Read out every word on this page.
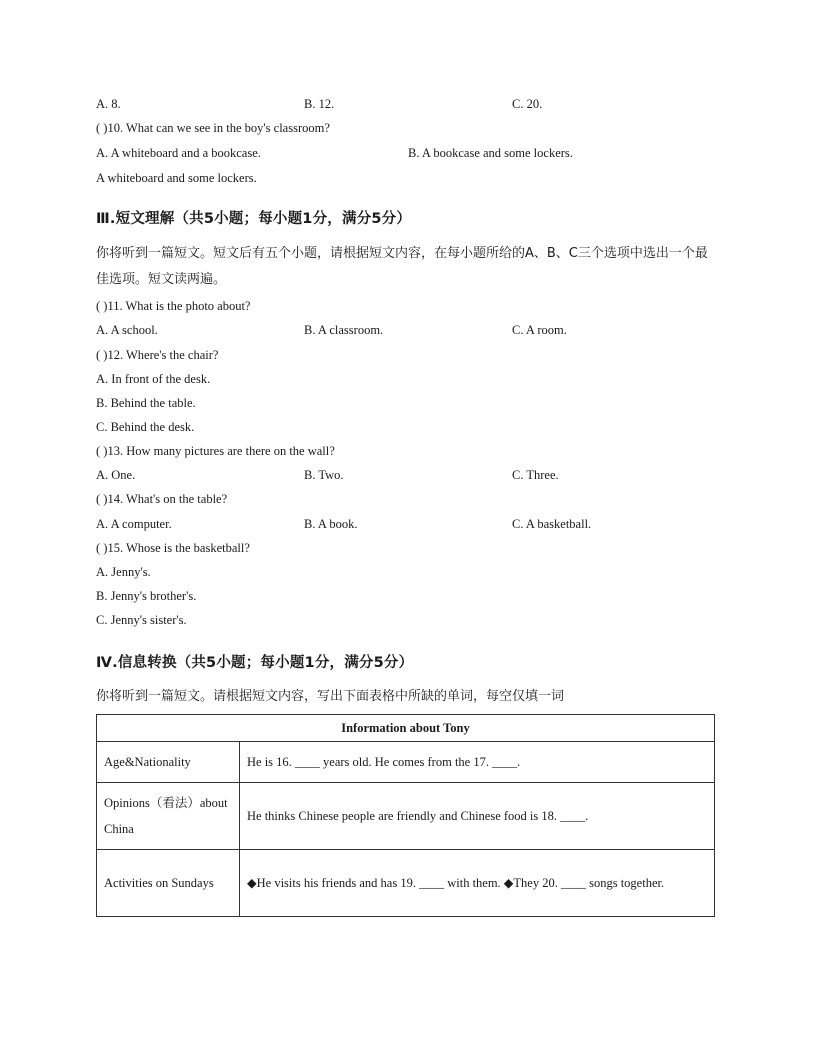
A. 8.	B. 12.	C. 20.
( )10. What can we see in the boy's classroom?
A. A whiteboard and a bookcase.	B. A bookcase and some lockers.
A whiteboard and some lockers.
Ⅲ.短文理解（共5小题；每小题1分，满分5分）
你将听到一篇短文。短文后有五个小题，请根据短文内容，在每小题所给的A、B、C三个选项中选出一个最佳选项。短文读两遍。
( )11. What is the photo about?
A. A school.	B. A classroom.	C. A room.
( )12. Where's the chair?
A. In front of the desk.
B. Behind the table.
C. Behind the desk.
( )13. How many pictures are there on the wall?
A. One.	B. Two.	C. Three.
( )14. What's on the table?
A. A computer.	B. A book.	C. A basketball.
( )15. Whose is the basketball?
A. Jenny's.
B. Jenny's brother's.
C. Jenny's sister's.
Ⅳ.信息转换（共5小题；每小题1分，满分5分）
你将听到一篇短文。请根据短文内容，写出下面表格中所缺的单词，每空仅填一词
Information about Tony	
Age&Nationality	He is 16. ____ years old. He comes from the 17. ____.
Opinions（看法）about China	He thinks Chinese people are friendly and Chinese food is 18. ____.
Activities on Sundays	◆He visits his friends and has 19. ____ with them. ◆They 20. ____ songs together.
